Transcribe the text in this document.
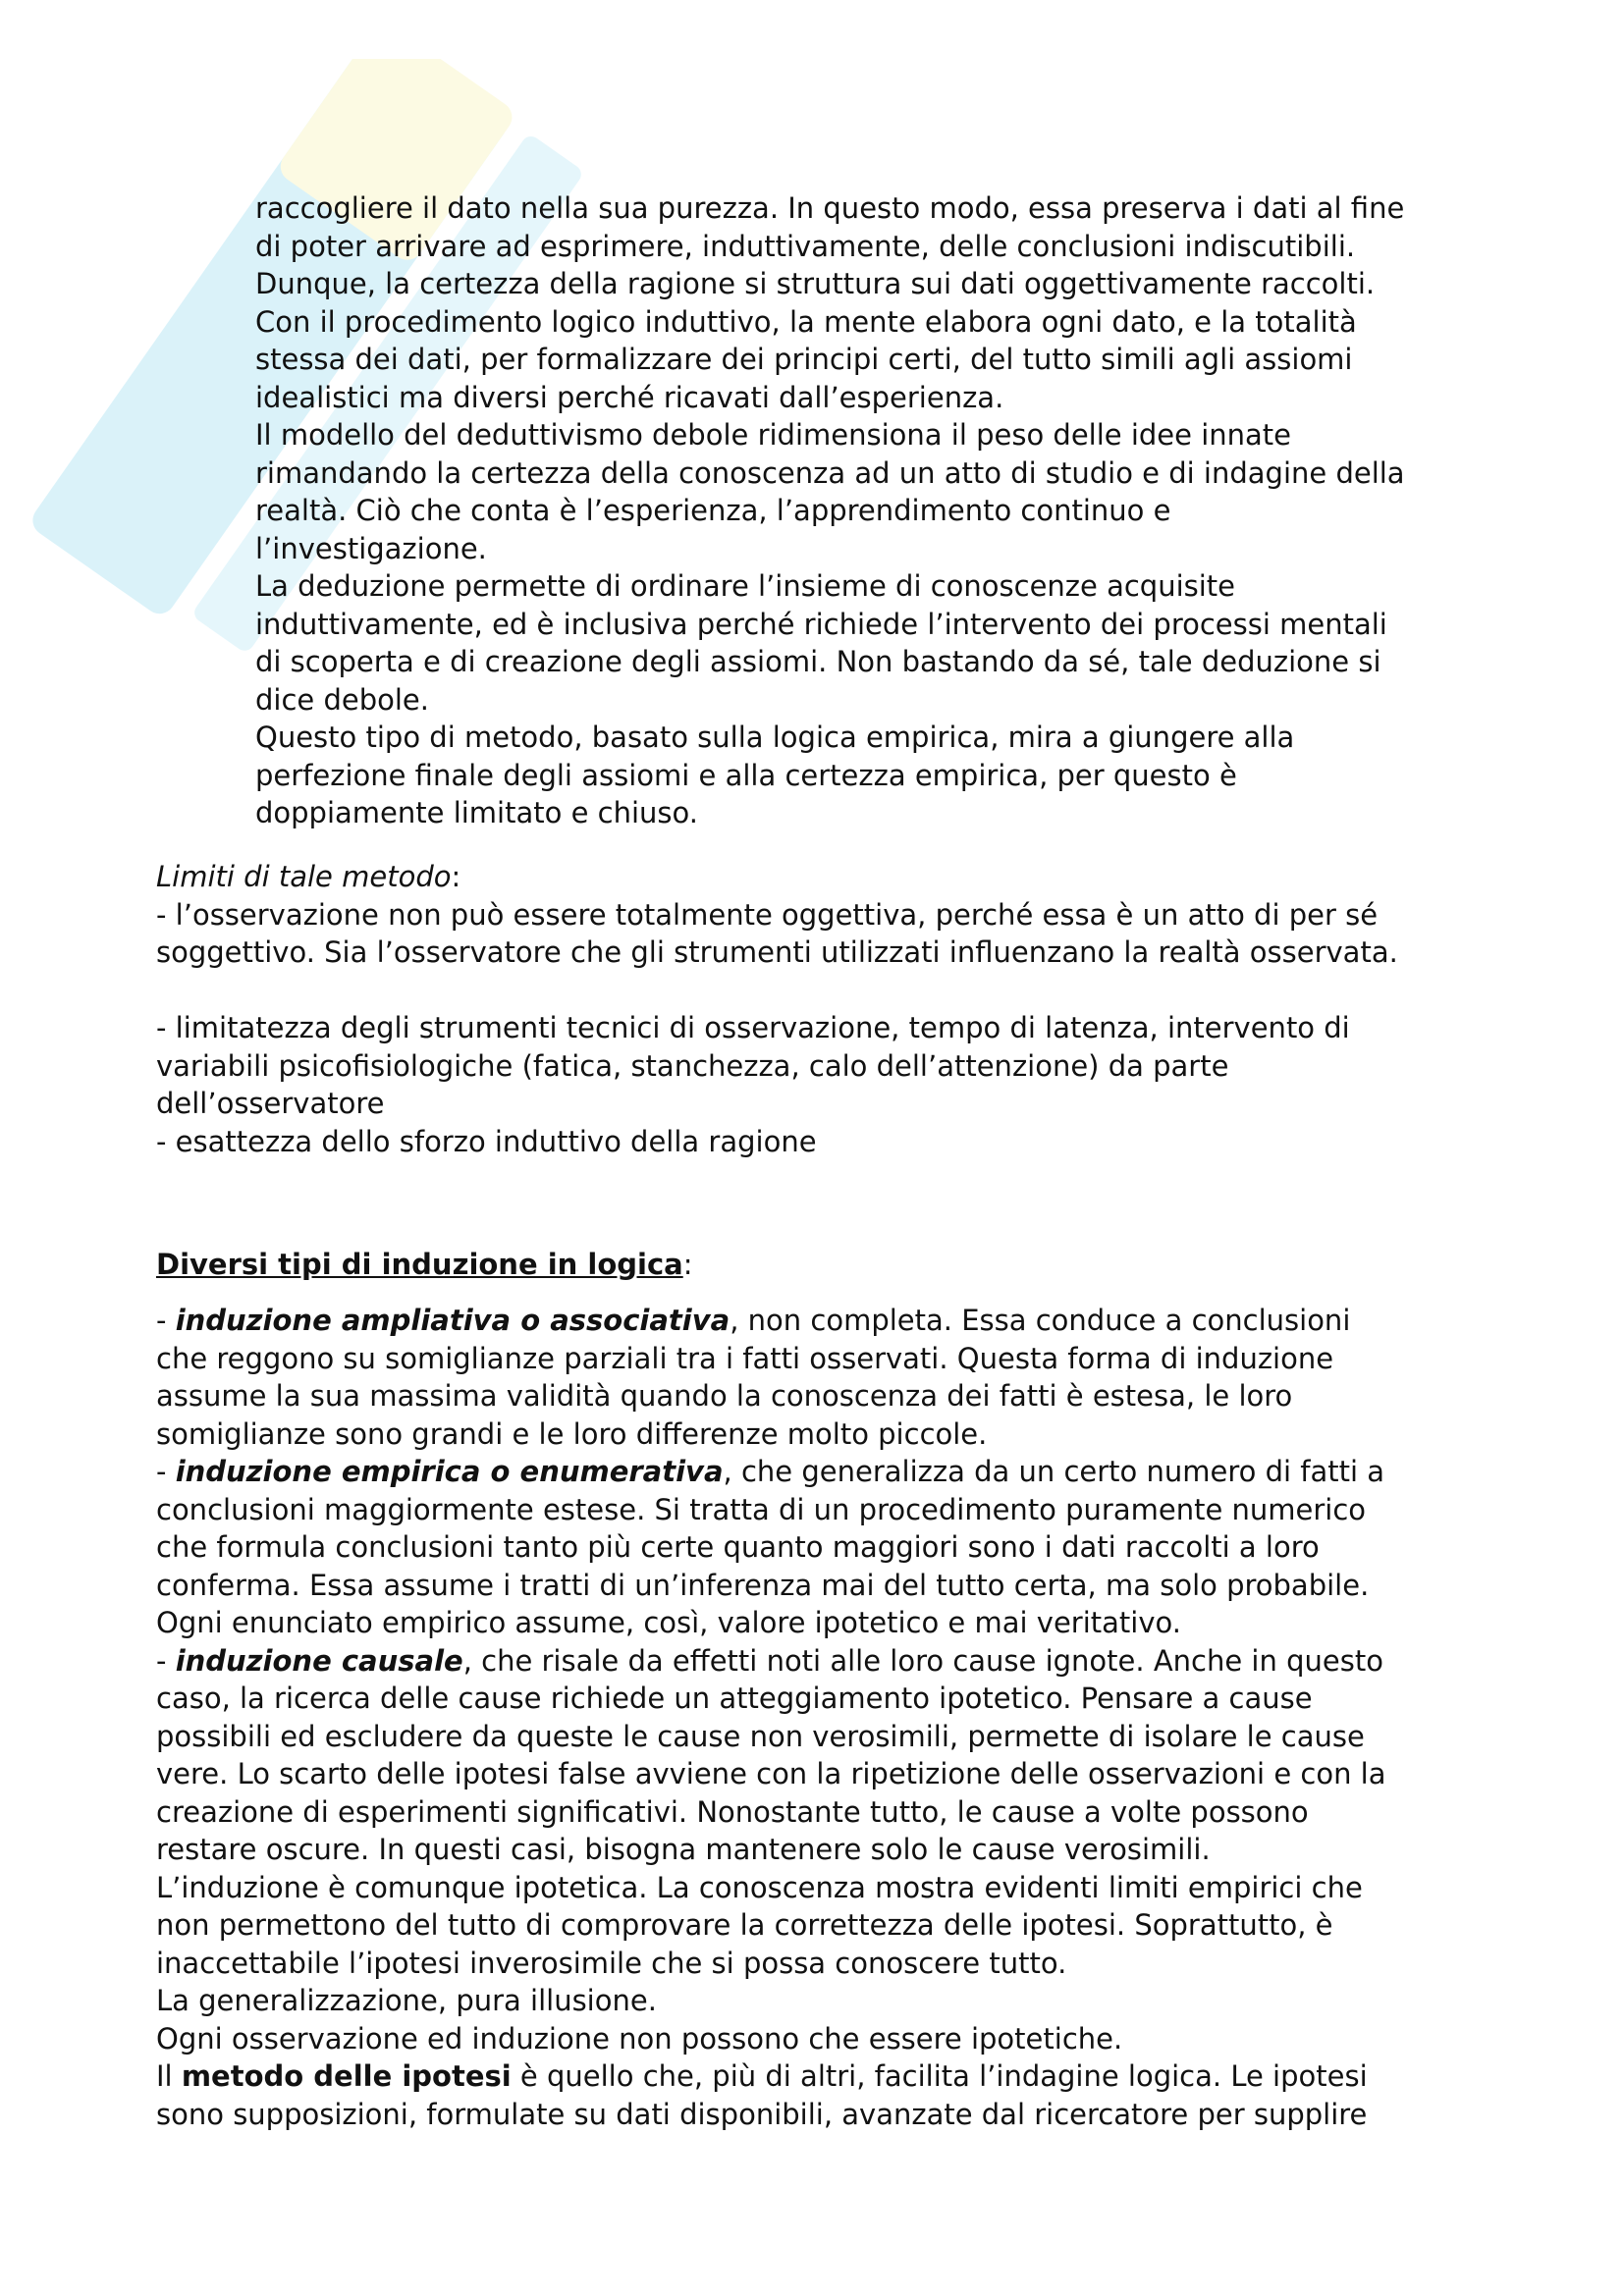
raccogliere il dato nella sua purezza. In questo modo, essa preserva i dati al fine
di poter arrivare ad esprimere, induttivamente, delle conclusioni indiscutibili.
Dunque, la certezza della ragione si struttura sui dati oggettivamente raccolti.
Con il procedimento logico induttivo, la mente elabora ogni dato, e la totalità
stessa dei dati, per formalizzare dei principi certi, del tutto simili agli assiomi
idealistici ma diversi perché ricavati dall’esperienza.
Il modello del deduttivismo debole ridimensiona il peso delle idee innate
rimandando la certezza della conoscenza ad un atto di studio e di indagine della
realtà. Ciò che conta è l’esperienza, l’apprendimento continuo e
l’investigazione.
La deduzione permette di ordinare l’insieme di conoscenze acquisite
induttivamente, ed è inclusiva perché richiede l’intervento dei processi mentali
di scoperta e di creazione degli assiomi. Non bastando da sé, tale deduzione si
dice debole.
Questo tipo di metodo, basato sulla logica empirica, mira a giungere alla
perfezione finale degli assiomi e alla certezza empirica, per questo è
doppiamente limitato e chiuso.
Limiti di tale metodo:
- l’osservazione non può essere totalmente oggettiva, perché essa è un atto di per sé
soggettivo. Sia l’osservatore che gli strumenti utilizzati influenzano la realtà osservata.
- limitatezza degli strumenti tecnici di osservazione, tempo di latenza, intervento di
variabili psicofisiologiche (fatica, stanchezza, calo dell’attenzione) da parte
dell’osservatore
- esattezza dello sforzo induttivo della ragione
Diversi tipi di induzione in logica:
- induzione ampliativa o associativa, non completa. Essa conduce a conclusioni
che reggono su somiglianze parziali tra i fatti osservati. Questa forma di induzione
assume la sua massima validità quando la conoscenza dei fatti è estesa, le loro
somiglianze sono grandi e le loro differenze molto piccole.
- induzione empirica o enumerativa, che generalizza da un certo numero di fatti a
conclusioni maggiormente estese. Si tratta di un procedimento puramente numerico
che formula conclusioni tanto più certe quanto maggiori sono i dati raccolti a loro
conferma. Essa assume i tratti di un’inferenza mai del tutto certa, ma solo probabile.
Ogni enunciato empirico assume, così, valore ipotetico e mai veritativo.
- induzione causale, che risale da effetti noti alle loro cause ignote. Anche in questo
caso, la ricerca delle cause richiede un atteggiamento ipotetico. Pensare a cause
possibili ed escludere da queste le cause non verosimili, permette di isolare le cause
vere. Lo scarto delle ipotesi false avviene con la ripetizione delle osservazioni e con la
creazione di esperimenti significativi. Nonostante tutto, le cause a volte possono
restare oscure. In questi casi, bisogna mantenere solo le cause verosimili.
L’induzione è comunque ipotetica. La conoscenza mostra evidenti limiti empirici che
non permettono del tutto di comprovare la correttezza delle ipotesi. Soprattutto, è
inaccettabile l’ipotesi inverosimile che si possa conoscere tutto.
La generalizzazione, pura illusione.
Ogni osservazione ed induzione non possono che essere ipotetiche.
Il metodo delle ipotesi è quello che, più di altri, facilita l’indagine logica. Le ipotesi
sono supposizioni, formulate su dati disponibili, avanzate dal ricercatore per supplire
